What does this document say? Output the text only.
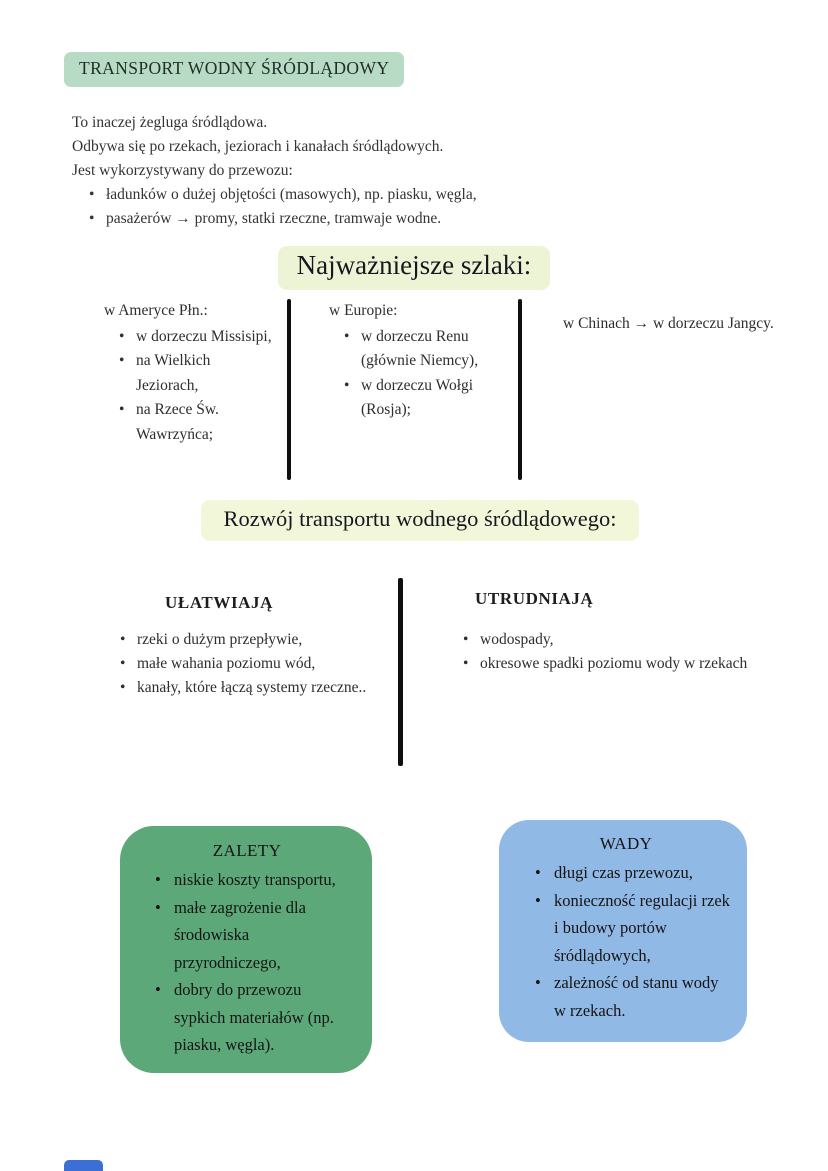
TRANSPORT WODNY ŚRÓDLĄDOWY

To inaczej żegluga śródlądowa.

Odbywa się po rzekach, jeziorach i kanałach śródlądowych.

Jest wykorzystywany do przewozu:

• ładunków o dużej objętości (masowych), np. piasku, węgla,
• pasażerów → promy, statki rzeczne, tramwaje wodne.
Najważniejsze szlaki:
w Ameryce Płn.:
• w dorzeczu Missisipi,
• na Wielkich Jeziorach,
• na Rzece Św. Wawrzyńca;
w Europie:
• w dorzeczu Renu (głównie Niemcy),
• w dorzeczu Wołgi (Rosja);
w Chinach → w dorzeczu Jangcy.
Rozwój transportu wodnego śródlądowego:
UŁATWIAJĄ
• rzeki o dużym przepływie,
• małe wahania poziomu wód,
• kanały, które łączą systemy rzeczne..
UTRUDNIAJĄ
• wodospady,
• okresowe spadki poziomu wody w rzekach
ZALETY
• niskie koszty transportu,
• małe zagrożenie dla środowiska przyrodniczego,
• dobry do przewozu sypkich materiałów (np. piasku, węgla).
WADY
• długi czas przewozu,
• konieczność regulacji rzek i budowy portów śródlądowych,
• zależność od stanu wody w rzekach.
